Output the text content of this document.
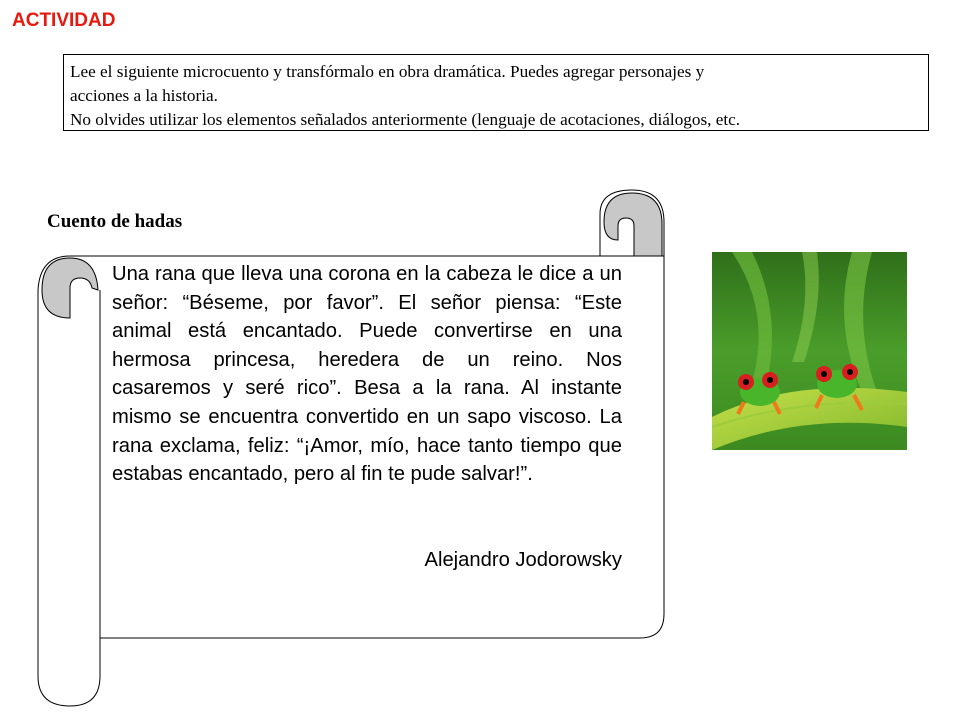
ACTIVIDAD

Lee el siguiente microcuento y transfórmalo en obra dramática. Puedes agregar personajes y

acciones a la historia.

No olvides utilizar los elementos señalados anteriormente (lenguaje de acotaciones, diálogos, etc.

Cuento de hadas

Una rana que lleva una corona en la cabeza le dice a un señor: “Béseme, por favor”. El señor piensa: “Este animal está encantado. Puede convertirse en una hermosa princesa, heredera de un reino. Nos casaremos y seré rico”. Besa a la rana. Al instante mismo se encuentra convertido en un sapo viscoso. La rana exclama, feliz: “¡Amor, mío, hace tanto tiempo que estabas encantado, pero al fin te pude salvar!”.

Alejandro Jodorowsky
